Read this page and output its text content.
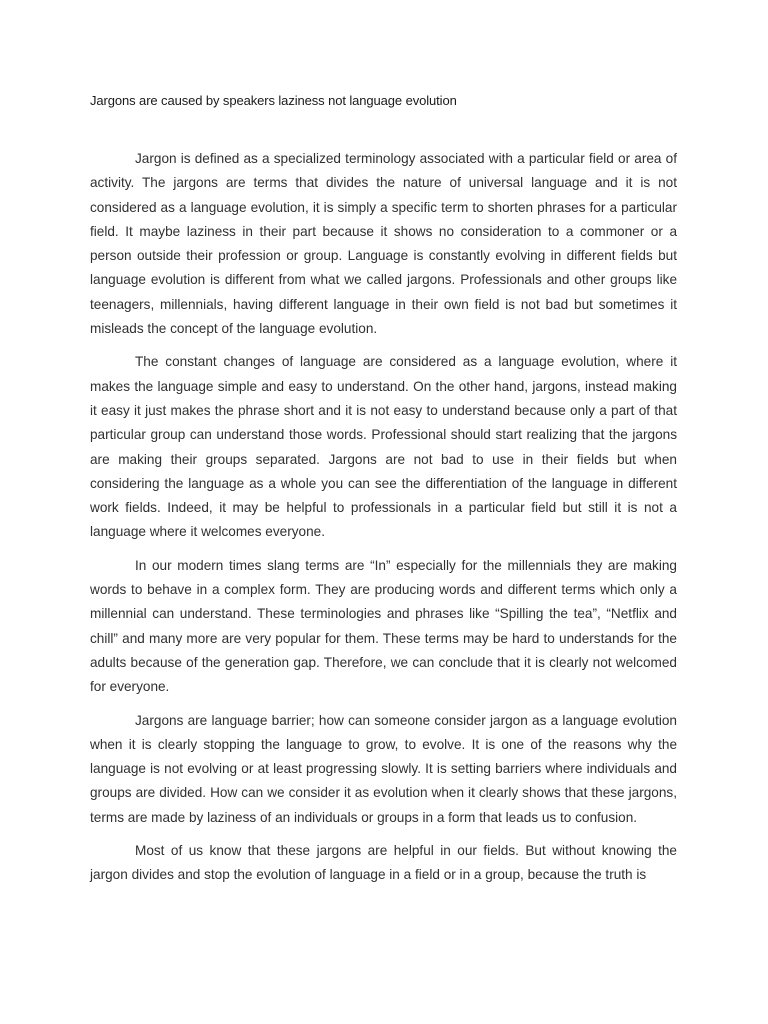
Jargons are caused by speakers laziness not language evolution

Jargon is defined as a specialized terminology associated with a particular field or area of activity. The jargons are terms that divides the nature of universal language and it is not considered as a language evolution, it is simply a specific term to shorten phrases for a particular field. It maybe laziness in their part because it shows no consideration to a commoner or a person outside their profession or group. Language is constantly evolving in different fields but language evolution is different from what we called jargons. Professionals and other groups like teenagers, millennials, having different language in their own field is not bad but sometimes it misleads the concept of the language evolution.

The constant changes of language are considered as a language evolution, where it makes the language simple and easy to understand. On the other hand, jargons, instead making it easy it just makes the phrase short and it is not easy to understand because only a part of that particular group can understand those words. Professional should start realizing that the jargons are making their groups separated. Jargons are not bad to use in their fields but when considering the language as a whole you can see the differentiation of the language in different work fields. Indeed, it may be helpful to professionals in a particular field but still it is not a language where it welcomes everyone.

In our modern times slang terms are “In” especially for the millennials they are making words to behave in a complex form. They are producing words and different terms which only a millennial can understand. These terminologies and phrases like “Spilling the tea”, “Netflix and chill” and many more are very popular for them. These terms may be hard to understands for the adults because of the generation gap. Therefore, we can conclude that it is clearly not welcomed for everyone.

Jargons are language barrier; how can someone consider jargon as a language evolution when it is clearly stopping the language to grow, to evolve. It is one of the reasons why the language is not evolving or at least progressing slowly. It is setting barriers where individuals and groups are divided. How can we consider it as evolution when it clearly shows that these jargons, terms are made by laziness of an individuals or groups in a form that leads us to confusion.

Most of us know that these jargons are helpful in our fields. But without knowing the jargon divides and stop the evolution of language in a field or in a group, because the truth is
